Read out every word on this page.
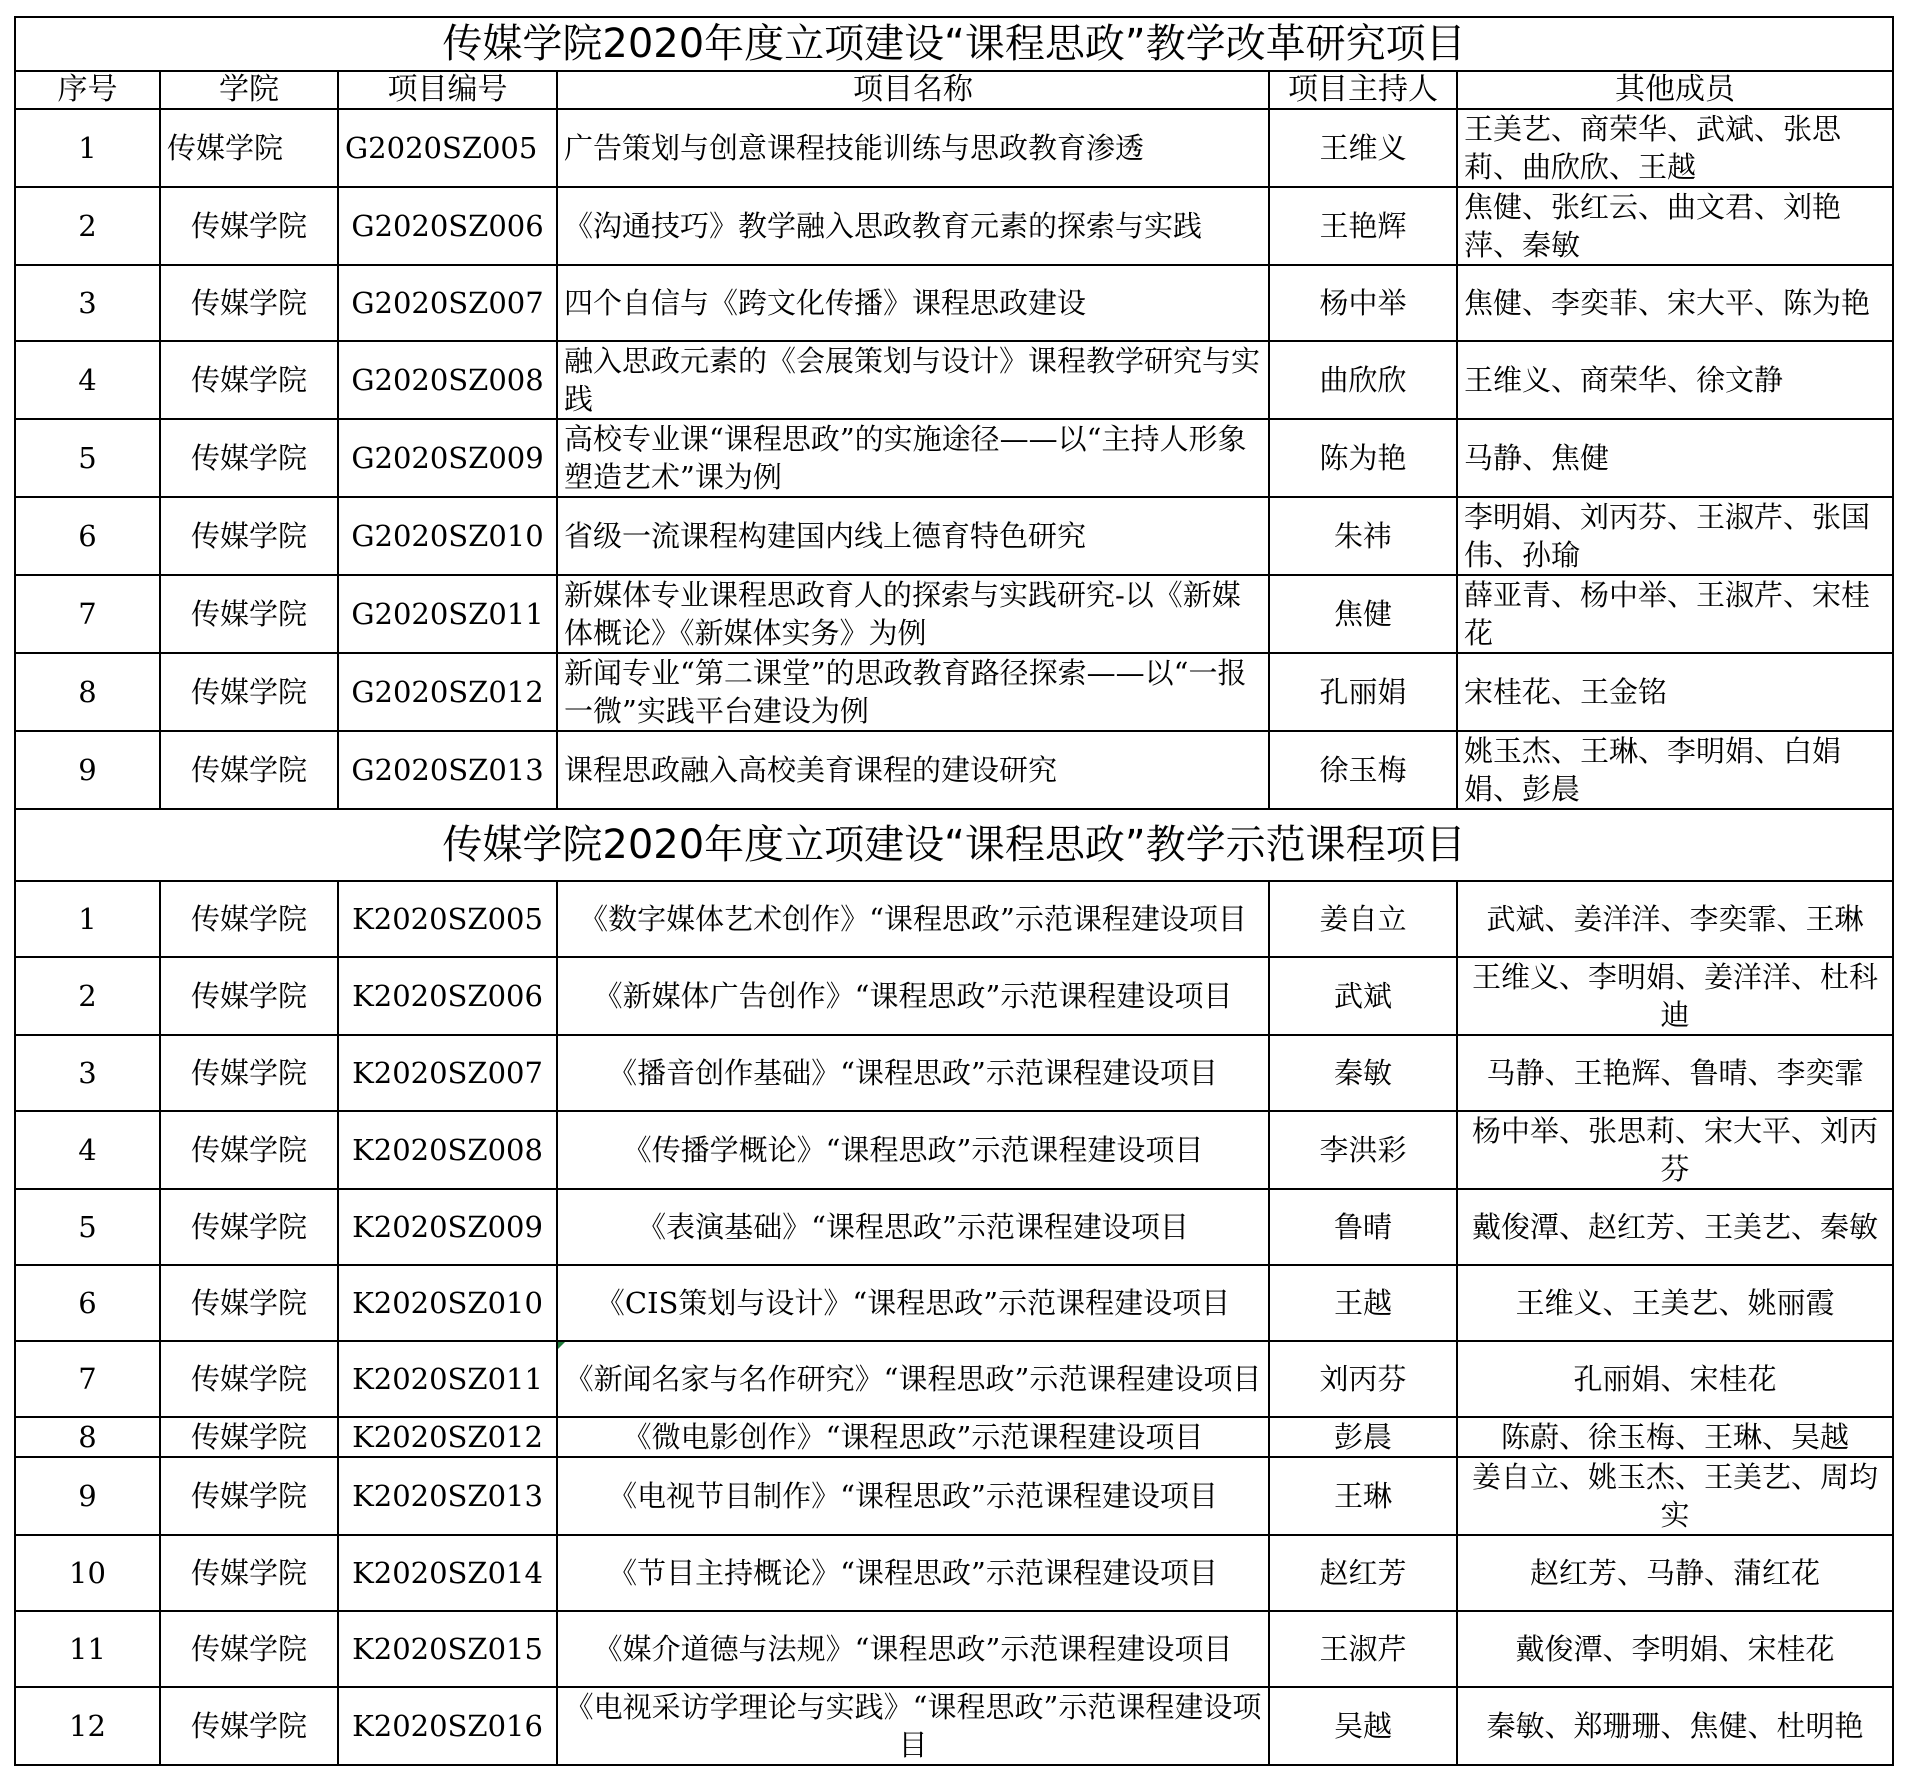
传媒学院2020年度立项建设“课程思政”教学改革研究项目					
序号	学院	项目编号	项目名称	项目主持人	其他成员
1	传媒学院	G2020SZ005	广告策划与创意课程技能训练与思政教育渗透	王维义	王美艺、商荣华、武斌、张思莉、曲欣欣、王越
2	传媒学院	G2020SZ006	《沟通技巧》教学融入思政教育元素的探索与实践	王艳辉	焦健、张红云、曲文君、刘艳萍、秦敏
3	传媒学院	G2020SZ007	四个自信与《跨文化传播》课程思政建设	杨中举	焦健、李奕菲、宋大平、陈为艳
4	传媒学院	G2020SZ008	融入思政元素的《会展策划与设计》课程教学研究与实践	曲欣欣	王维义、商荣华、徐文静
5	传媒学院	G2020SZ009	高校专业课“课程思政”的实施途径——以“主持人形象塑造艺术”课为例	陈为艳	马静、焦健
6	传媒学院	G2020SZ010	省级一流课程构建国内线上德育特色研究	朱祎	李明娟、刘丙芬、王淑芹、张国伟、孙瑜
7	传媒学院	G2020SZ011	新媒体专业课程思政育人的探索与实践研究-以《新媒体概论》《新媒体实务》为例	焦健	薛亚青、杨中举、王淑芹、宋桂花
8	传媒学院	G2020SZ012	新闻专业“第二课堂”的思政教育路径探索——以“一报一微”实践平台建设为例	孔丽娟	宋桂花、王金铭
9	传媒学院	G2020SZ013	课程思政融入高校美育课程的建设研究	徐玉梅	姚玉杰、王琳、李明娟、白娟娟、彭晨
传媒学院2020年度立项建设“课程思政”教学示范课程项目					
1	传媒学院	K2020SZ005	《数字媒体艺术创作》“课程思政”示范课程建设项目	姜自立	武斌、姜洋洋、李奕霏、王琳
2	传媒学院	K2020SZ006	《新媒体广告创作》“课程思政”示范课程建设项目	武斌	王维义、李明娟、姜洋洋、杜科迪
3	传媒学院	K2020SZ007	《播音创作基础》“课程思政”示范课程建设项目	秦敏	马静、王艳辉、鲁晴、李奕霏
4	传媒学院	K2020SZ008	《传播学概论》“课程思政”示范课程建设项目	李洪彩	杨中举、张思莉、宋大平、刘丙芬
5	传媒学院	K2020SZ009	《表演基础》“课程思政”示范课程建设项目	鲁晴	戴俊潭、赵红芳、王美艺、秦敏
6	传媒学院	K2020SZ010	《CIS策划与设计》“课程思政”示范课程建设项目	王越	王维义、王美艺、姚丽霞
7	传媒学院	K2020SZ011	《新闻名家与名作研究》“课程思政”示范课程建设项目	刘丙芬	孔丽娟、宋桂花
8	传媒学院	K2020SZ012	《微电影创作》“课程思政”示范课程建设项目	彭晨	陈蔚、徐玉梅、王琳、吴越
9	传媒学院	K2020SZ013	《电视节目制作》“课程思政”示范课程建设项目	王琳	姜自立、姚玉杰、王美艺、周均实
10	传媒学院	K2020SZ014	《节目主持概论》“课程思政”示范课程建设项目	赵红芳	赵红芳、马静、蒲红花
11	传媒学院	K2020SZ015	《媒介道德与法规》“课程思政”示范课程建设项目	王淑芹	戴俊潭、李明娟、宋桂花
12	传媒学院	K2020SZ016	《电视采访学理论与实践》“课程思政”示范课程建设项目	吴越	秦敏、郑珊珊、焦健、杜明艳
